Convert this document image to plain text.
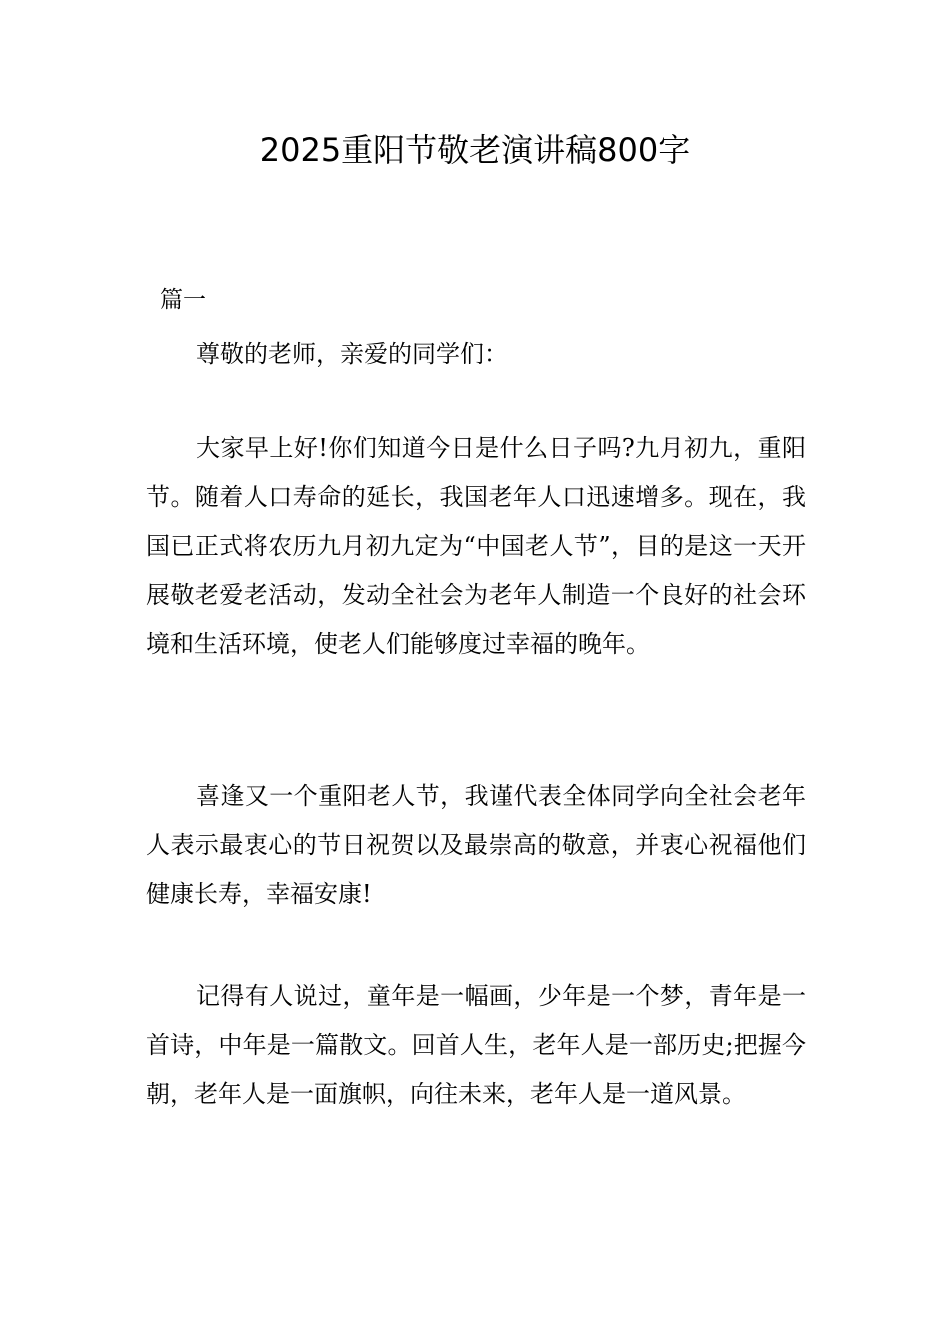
2025重阳节敬老演讲稿800字
篇一

尊敬的老师，亲爱的同学们：

大家早上好!你们知道今日是什么日子吗?九月初九，重阳节。随着人口寿命的延长，我国老年人口迅速增多。现在，我国已正式将农历九月初九定为“中国老人节”，目的是这一天开展敬老爱老活动，发动全社会为老年人制造一个良好的社会环境和生活环境，使老人们能够度过幸福的晚年。

喜逢又一个重阳老人节，我谨代表全体同学向全社会老年人表示最衷心的节日祝贺以及最崇高的敬意，并衷心祝福他们健康长寿，幸福安康!

记得有人说过，童年是一幅画，少年是一个梦，青年是一首诗，中年是一篇散文。回首人生，老年人是一部历史;把握今朝，老年人是一面旗帜，向往未来，老年人是一道风景。
